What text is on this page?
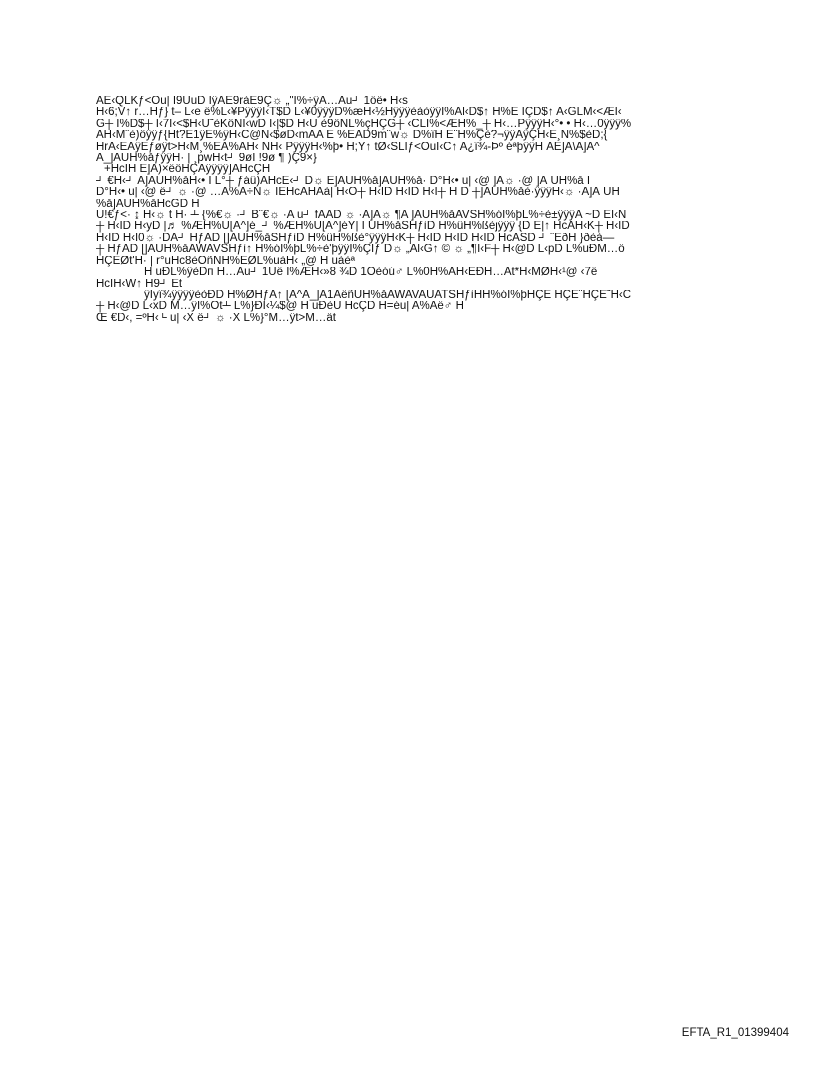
ÁE‹QLKƒ<Ôu| I9ÙuD IÿÀE9ràE9Ç☼ „"I%÷ÿÂ…Àu┘ 1öë• H‹s
H‹6;V↑ r…Hƒ} t– L‹e ë%L‹¥PÿÿÿI‹T$D L‹¥0ÿÿÿD%æH‹½HÿÿÿèàòÿÿI%Äl‹D$↑ H%E IÇD$↑ A‹GLM‹<ÆI‹
G┼ I%D$┼ I‹7I‹<$H‹U˜èKôNI‹wD I‹|$D H‹U è9ôNL%çHÇG┼ ‹CLI%<ÆH%_┼ H‹…PÿÿÿH‹°• • H‹…0ÿÿÿ%
ÂH‹Mˆè)ôÿÿƒ{Ht?E1ÿE%ÿH‹C@N‹$øD‹mÀA E %EÀD9m¨w☼ D%îH E¨H%Çè?¬ÿÿAÿÇH‹E¸N%$èD;{
HrÄ‹EÀÿÉƒøÿt>H‹M¸%EÀ%ÂH‹ ÑH‹ PÿÿÿH‹%þ• H;Y↑ tØ‹SLIƒ<ÔuÎ‹C↑ A¿ï¾-Þº éªþÿÿH ÀÈ]A\A]A^
A_]ÃUH%åƒÿÿH· | ¸pwH‹t┘ 9øÏ !9ø ¶ )Ç9×}
+HcÎH È]Ã)×ëôHÇÀÿÿÿÿ]ÃHcÇH
┘ €H‹┘ Á]ÃUH%åH‹• Ï L°┼ ƒáü)ÁHcÉ‹┘ D☼ È]ÃUH%å]ÃUH%å· D°H‹• u| ‹@ ]Ã☼ ·@ ]Ã UH%å Ï
D°H‹• u| ‹@ ë┘ ☼ ·@ …À%Á÷Ñ☼ IÈHcÁHÁà| H‹O┼ H‹ID H‹ID H‹I┼ H D ┼]ÃUH%åè·ÿÿÿH‹☼ ·À]Ã UH
%å]ÃUH%åHcGD H
Û!€ƒ<· ↨ H‹☼ t H· ┴ {%€☼ ·┘ B¨€☼ ·A u┘ fÁÀD ☼ ·À]Ã☼ ¶A ]ÃUH%åAVSH%óI%þL%÷è±ÿÿÿA ~D ËI‹N
┼ H‹ID H‹yD |♬ %ÆH%Ú[A^]é_┘ %ÆH%Ú[A^]éY| Ï UH%åSHƒìD H%ûH%ßèjÿÿÿ {D Ë|↑ HcÁH‹K┼ H‹ID
H‹ID H‹I0☼ ·DA┘ HƒÄD []ÃUH%åSHƒìD H%ûH%ßè°ÿÿÿH‹K┼ H‹ID H‹ID H‹ID HcÁŠD ┘ ˆEðH }ðèà—
┼ HƒÄD []ÃUH%åAWAVSHƒì↑ H%óI%þL%÷è'þÿÿI%ÇIƒ D☼ „Ãl‹G↑ © ☼ „¶I‹F┼ H‹@D L‹pD L%uÐM…ö
HÇEØt'H· | r°uHc8èÕñNH%EØL%uàH‹ „@ H uàèª
H uÐL%ÿèDп H…Àu┘ 1Ûë I%ÆH‹»8 ¾D 1Òèóú♂ L%0H%ÂH‹EÐH…Àt*H‹MØH‹¹@ ‹7ë
HcÎH‹W↑ H9┘ Êt
ÿÏyï¾ÿÿÿÿèòÐD H%ØHƒÄ↑ [A^A_]Ã1ÀëñUH%åAWAVAUATSHƒìHH%óI%þHÇE HÇE¨HÇE˜H‹C
┼ H‹@D L‹xD M…ÿI%Ôt┴ L%}ÐI‹¼$@ H uÐèÜ HcÇD H=éu| A%Àë♂ H
Œ €D‹, =ºH‹└ u| ‹X ê┘ ☼ ·X L%}°M…ÿt>M…ät
EFTA_R1_01399404
